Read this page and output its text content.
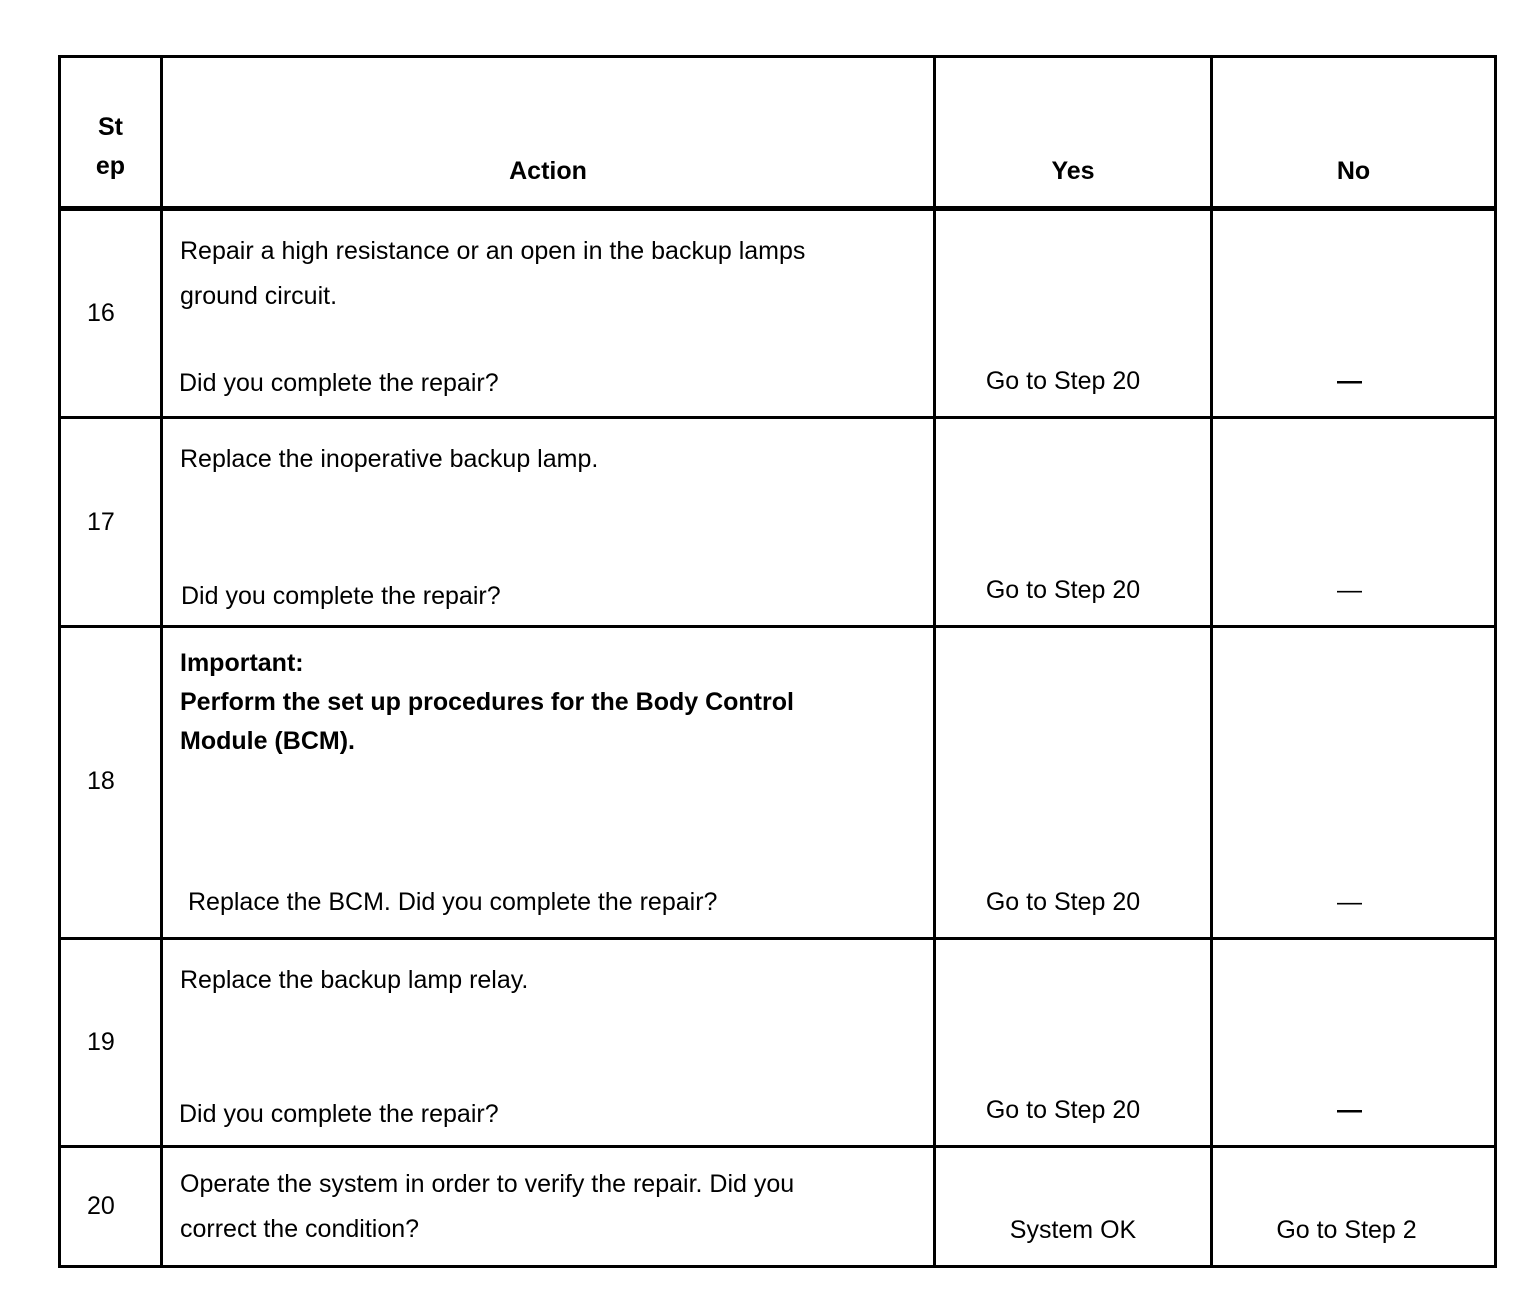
St
ep	Action	Yes	No

16	Repair a high resistance or an open in the backup lamps ground circuit.
Did you complete the repair?	Go to Step 20	—

17	Replace the inoperative backup lamp.
Did you complete the repair?	Go to Step 20	—

18	Important:
Perform the set up procedures for the Body Control Module (BCM).
Replace the BCM. Did you complete the repair?	Go to Step 20	—

19	Replace the backup lamp relay.
Did you complete the repair?	Go to Step 20	—

20	Operate the system in order to verify the repair. Did you correct the condition?	System OK	Go to Step 2
